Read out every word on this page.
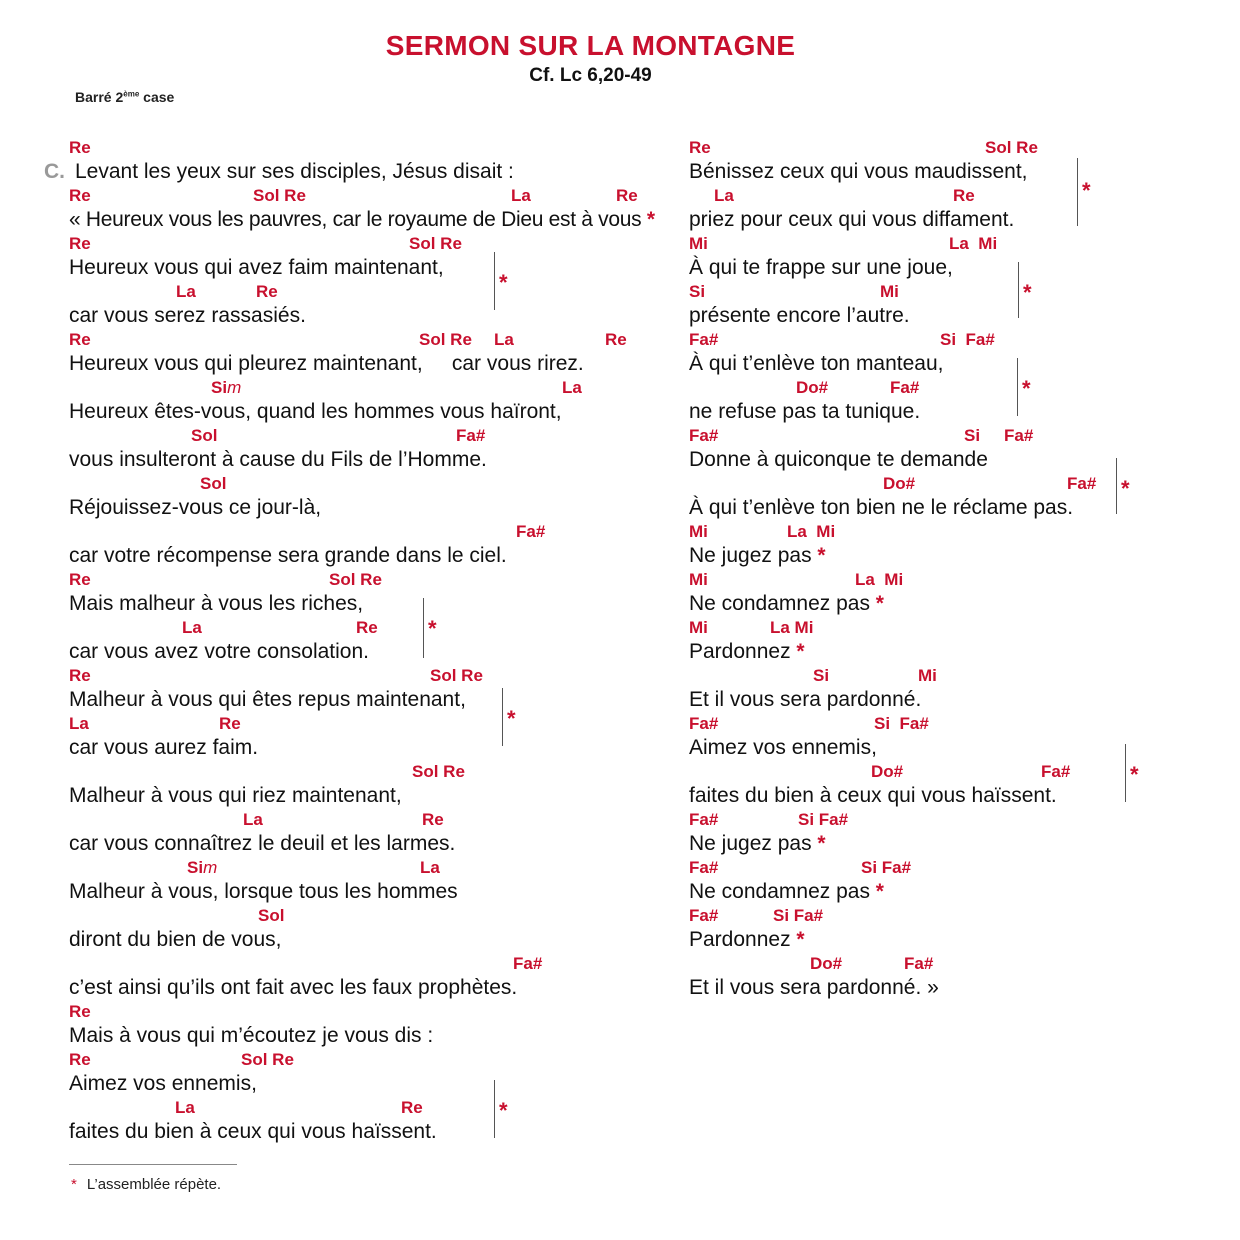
SERMON SUR LA MONTAGNE
Cf. Lc 6,20-49
Barré 2ème case
Re
C. Levant les yeux sur ses disciples, Jésus disait :
Re	Sol Re	La	Re
« Heureux vous les pauvres, car le royaume de Dieu est à vous *
Re	Sol Re
Heureux vous qui avez faim maintenant,
La	Re
car vous serez rassasiés.
Re	Sol Re La	Re
Heureux vous qui pleurez maintenant,     car vous rirez.
Sim	La
Heureux êtes-vous, quand les hommes vous haïront,
Sol	Fa#
vous insulteront à cause du Fils de l’Homme.
Sol
Réjouissez-vous ce jour-là,
Fa#
car votre récompense sera grande dans le ciel.
Re	Sol Re
Mais malheur à vous les riches,
La	Re
car vous avez votre consolation.
Re	Sol Re
Malheur à vous qui êtes repus maintenant,
La	Re
car vous aurez faim.
Sol Re
Malheur à vous qui riez maintenant,
La	Re
car vous connaîtrez le deuil et les larmes.
Sim	La
Malheur à vous, lorsque tous les hommes
Sol
diront du bien de vous,
Fa#
c’est ainsi qu’ils ont fait avec les faux prophètes.
Re
Mais à vous qui m’écoutez je vous dis :
Re	Sol Re
Aimez vos ennemis,
La	Re
faites du bien à ceux qui vous haïssent.
Re	Sol Re
Bénissez ceux qui vous maudissent,
La	Re
priez pour ceux qui vous diffament.
Mi	La  Mi
À qui te frappe sur une joue,
Si	Mi
présente encore l’autre.
Fa#	Si  Fa#
À qui t’enlève ton manteau,
Do#	Fa#
ne refuse pas ta tunique.
Fa#	Si Fa#
Donne à quiconque te demande
Do#	Fa#
À qui t’enlève ton bien ne le réclame pas.
Mi	La  Mi
Ne jugez pas *
Mi	La  Mi
Ne condamnez pas *
Mi	La Mi
Pardonnez *
Si	Mi
Et il vous sera pardonné.
Fa#	Si  Fa#
Aimez vos ennemis,
Do#	Fa#
faites du bien à ceux qui vous haïssent.
Fa#	Si Fa#
Ne jugez pas *
Fa#	Si Fa#
Ne condamnez pas *
Fa#	Si Fa#
Pardonnez *
Do#	Fa#
Et il vous sera pardonné. »
*
*
*
*
*
*
*
*
*
* L’assemblée répète.
